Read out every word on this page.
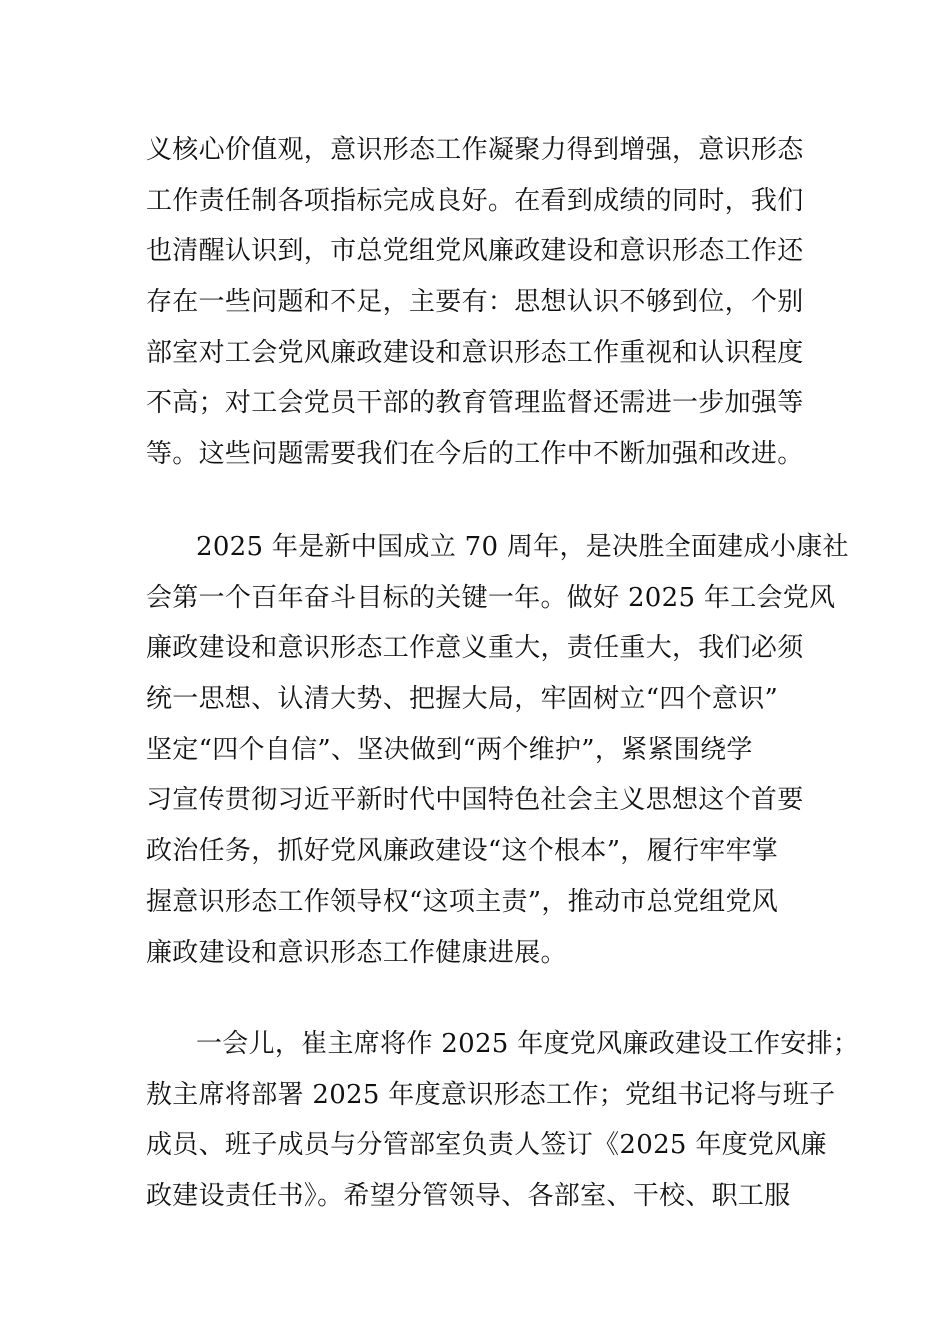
义核心价值观，意识形态工作凝聚力得到增强，意识形态
工作责任制各项指标完成良好。在看到成绩的同时，我们
也清醒认识到，市总党组党风廉政建设和意识形态工作还
存在一些问题和不足，主要有：思想认识不够到位，个别
部室对工会党风廉政建设和意识形态工作重视和认识程度
不高；对工会党员干部的教育管理监督还需进一步加强等
等。这些问题需要我们在今后的工作中不断加强和改进。
2025 年是新中国成立 70 周年，是决胜全面建成小康社
会第一个百年奋斗目标的关键一年。做好 2025 年工会党风
廉政建设和意识形态工作意义重大，责任重大，我们必须
统一思想、认清大势、把握大局，牢固树立“四个意识”
坚定“四个自信”、坚决做到“两个维护”，紧紧围绕学
习宣传贯彻习近平新时代中国特色社会主义思想这个首要
政治任务，抓好党风廉政建设“这个根本”，履行牢牢掌
握意识形态工作领导权“这项主责”，推动市总党组党风
廉政建设和意识形态工作健康进展。
一会儿，崔主席将作 2025 年度党风廉政建设工作安排；
敖主席将部署 2025 年度意识形态工作；党组书记将与班子
成员、班子成员与分管部室负责人签订《2025 年度党风廉
政建设责任书》。希望分管领导、各部室、干校、职工服
